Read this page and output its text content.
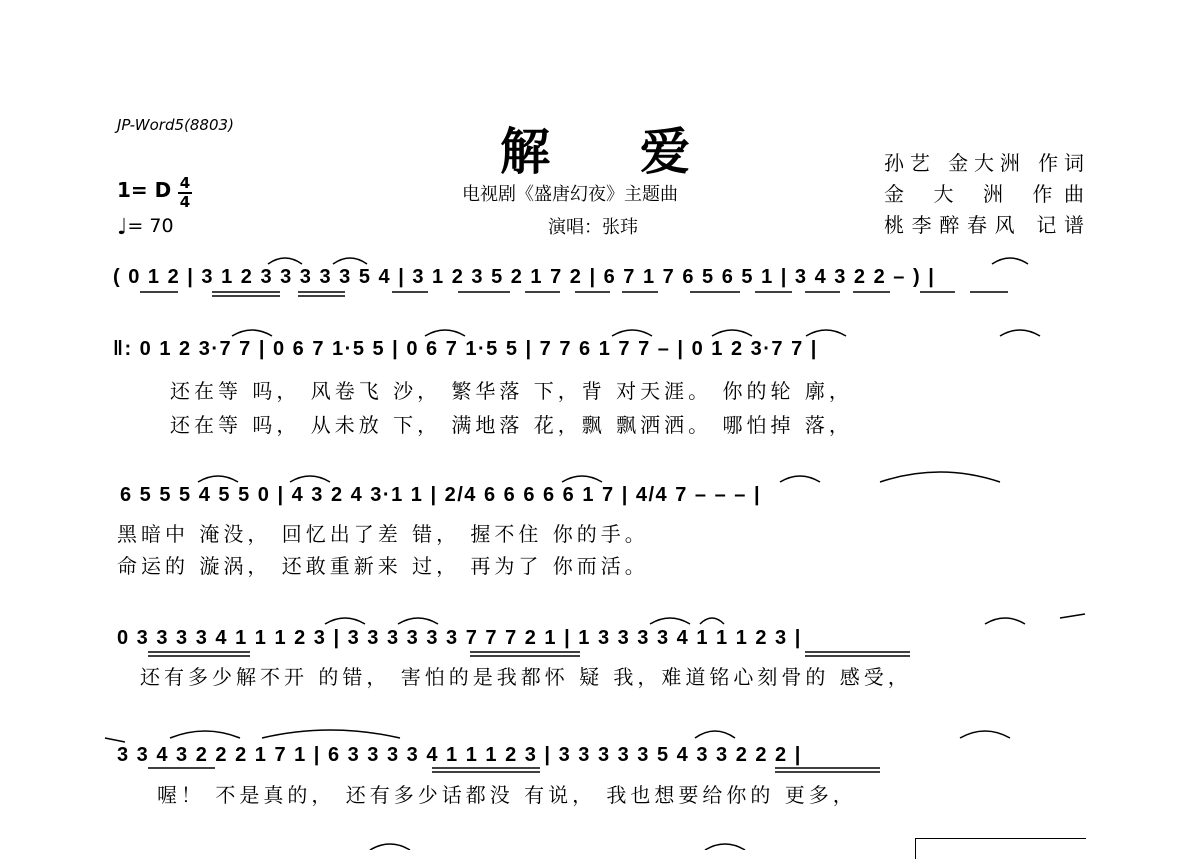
JP-Word5(8803)	解爱
电视剧《盛唐幻夜》主题曲
演唱：张玮
孙艺 金大洲 作词
金 大 洲 作曲
桃李醉春风 记谱
1= D 4
4
♩= 70
( 0 1 2 | 3 1 2 3 3 3 3 3 5 4 | 3 1 2 3 5 2 1 7 2 | 6 7 1 7 6 5 6 5 1 | 3 4 3 2 2 – ) |
‖: 0 1 2 3·7 7 | 0 6 7 1·5 5 | 0 6 7 1·5 5 | 7 7 6 1 7 7 – | 0 1 2 3·7 7 |
还在等 吗， 风卷飞 沙， 繁华落 下，背 对天涯。 你的轮 廓，
还在等 吗， 从未放 下， 满地落 花，飘 飘洒洒。 哪怕掉 落，
6 5 5 5 4 5 5 0 | 4 3 2 4 3·1 1 | 2/4 6 6 6 6 6 1 7 | 4/4 7 – – – |
黑暗中 淹没， 回忆出了差 错， 握不住 你的手。
命运的 漩涡， 还敢重新来 过， 再为了 你而活。
0 3 3 3 3 4 1 1 1 2 3 | 3 3 3 3 3 3 7 7 7 2 1 | 1 3 3 3 3 4 1 1 1 2 3 |
还有多少解不开 的错， 害怕的是我都怀 疑 我，难道铭心刻骨的 感受，
3 3 4 3 2 2 2 1 7 1 | 6 3 3 3 3 4 1 1 1 2 3 | 3 3 3 3 3 5 4 3 3 2 2 2 |
喔！ 不是真的， 还有多少话都没 有说， 我也想要给你的 更多，
